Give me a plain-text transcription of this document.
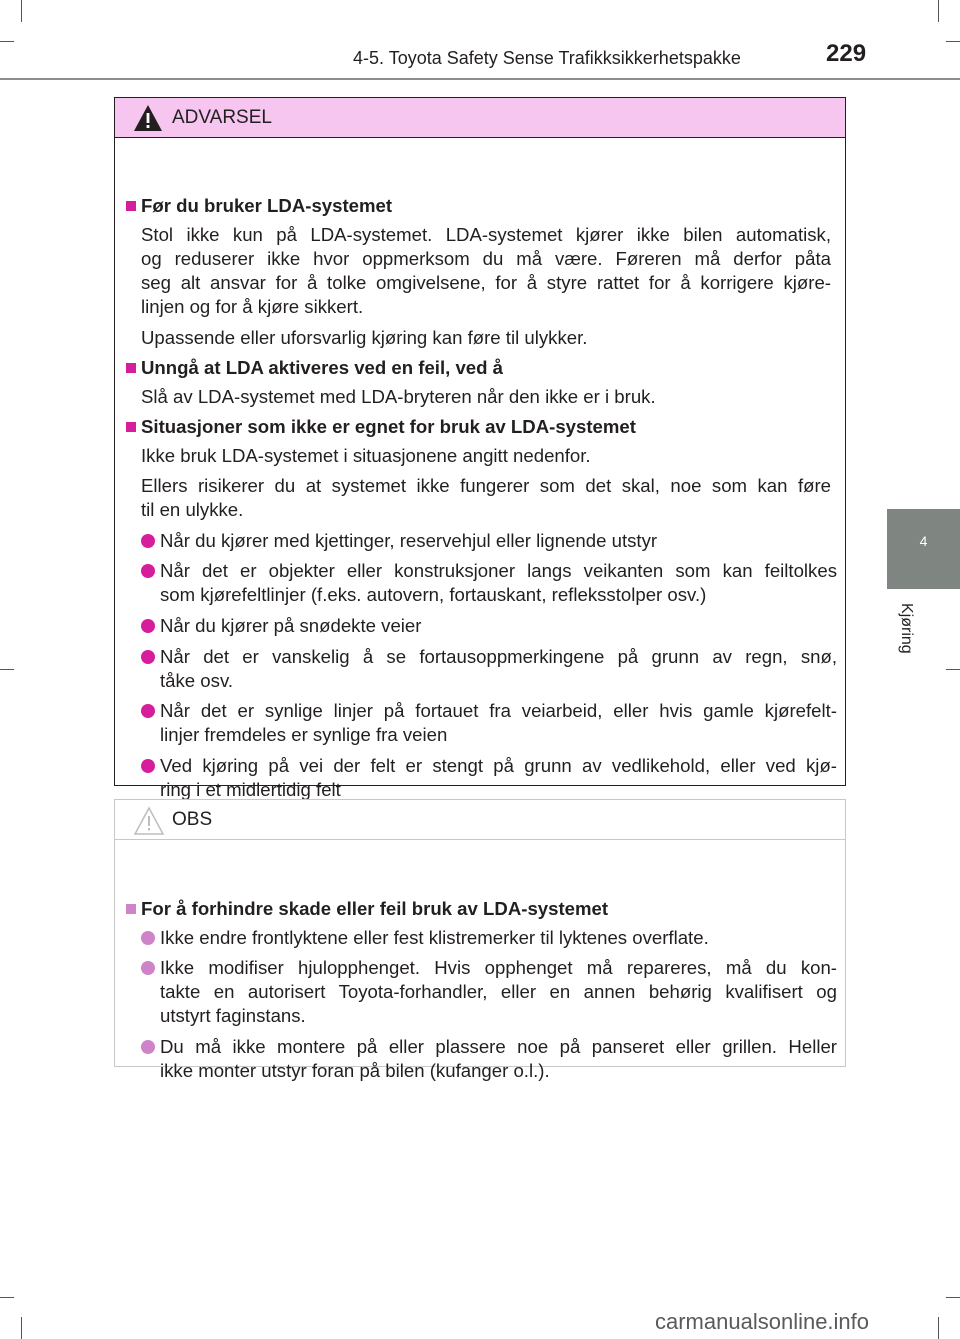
4-5. Toyota Safety Sense Trafikksikkerhetspakke	229
4
Kjøring
ADVARSEL
Før du bruker LDA-systemet
Stol ikke kun på LDA-systemet. LDA-systemet kjører ikke bilen automatisk,
og reduserer ikke hvor oppmerksom du må være. Føreren må derfor påta
seg alt ansvar for å tolke omgivelsene, for å styre rattet for å korrigere kjøre-
linjen og for å kjøre sikkert.
Upassende eller uforsvarlig kjøring kan føre til ulykker.
Unngå at LDA aktiveres ved en feil, ved å
Slå av LDA-systemet med LDA-bryteren når den ikke er i bruk.
Situasjoner som ikke er egnet for bruk av LDA-systemet
Ikke bruk LDA-systemet i situasjonene angitt nedenfor.
Ellers risikerer du at systemet ikke fungerer som det skal, noe som kan føre
til en ulykke.
Når du kjører med kjettinger, reservehjul eller lignende utstyr
Når det er objekter eller konstruksjoner langs veikanten som kan feiltolkes
som kjørefeltlinjer (f.eks. autovern, fortauskant, refleksstolper osv.)
Når du kjører på snødekte veier
Når det er vanskelig å se fortausoppmerkingene på grunn av regn, snø,
tåke osv.
Når det er synlige linjer på fortauet fra veiarbeid, eller hvis gamle kjørefelt-
linjer fremdeles er synlige fra veien
Ved kjøring på vei der felt er stengt på grunn av vedlikehold, eller ved kjø-
ring i et midlertidig felt
OBS
For å forhindre skade eller feil bruk av LDA-systemet
Ikke endre frontlyktene eller fest klistremerker til lyktenes overflate.
Ikke modifiser hjulopphenget. Hvis opphenget må repareres, må du kon-
takte en autorisert Toyota-forhandler, eller en annen behørig kvalifisert og
utstyrt faginstans.
Du må ikke montere på eller plassere noe på panseret eller grillen. Heller
ikke monter utstyr foran på bilen (kufanger o.l.).
carmanualsonline.info
